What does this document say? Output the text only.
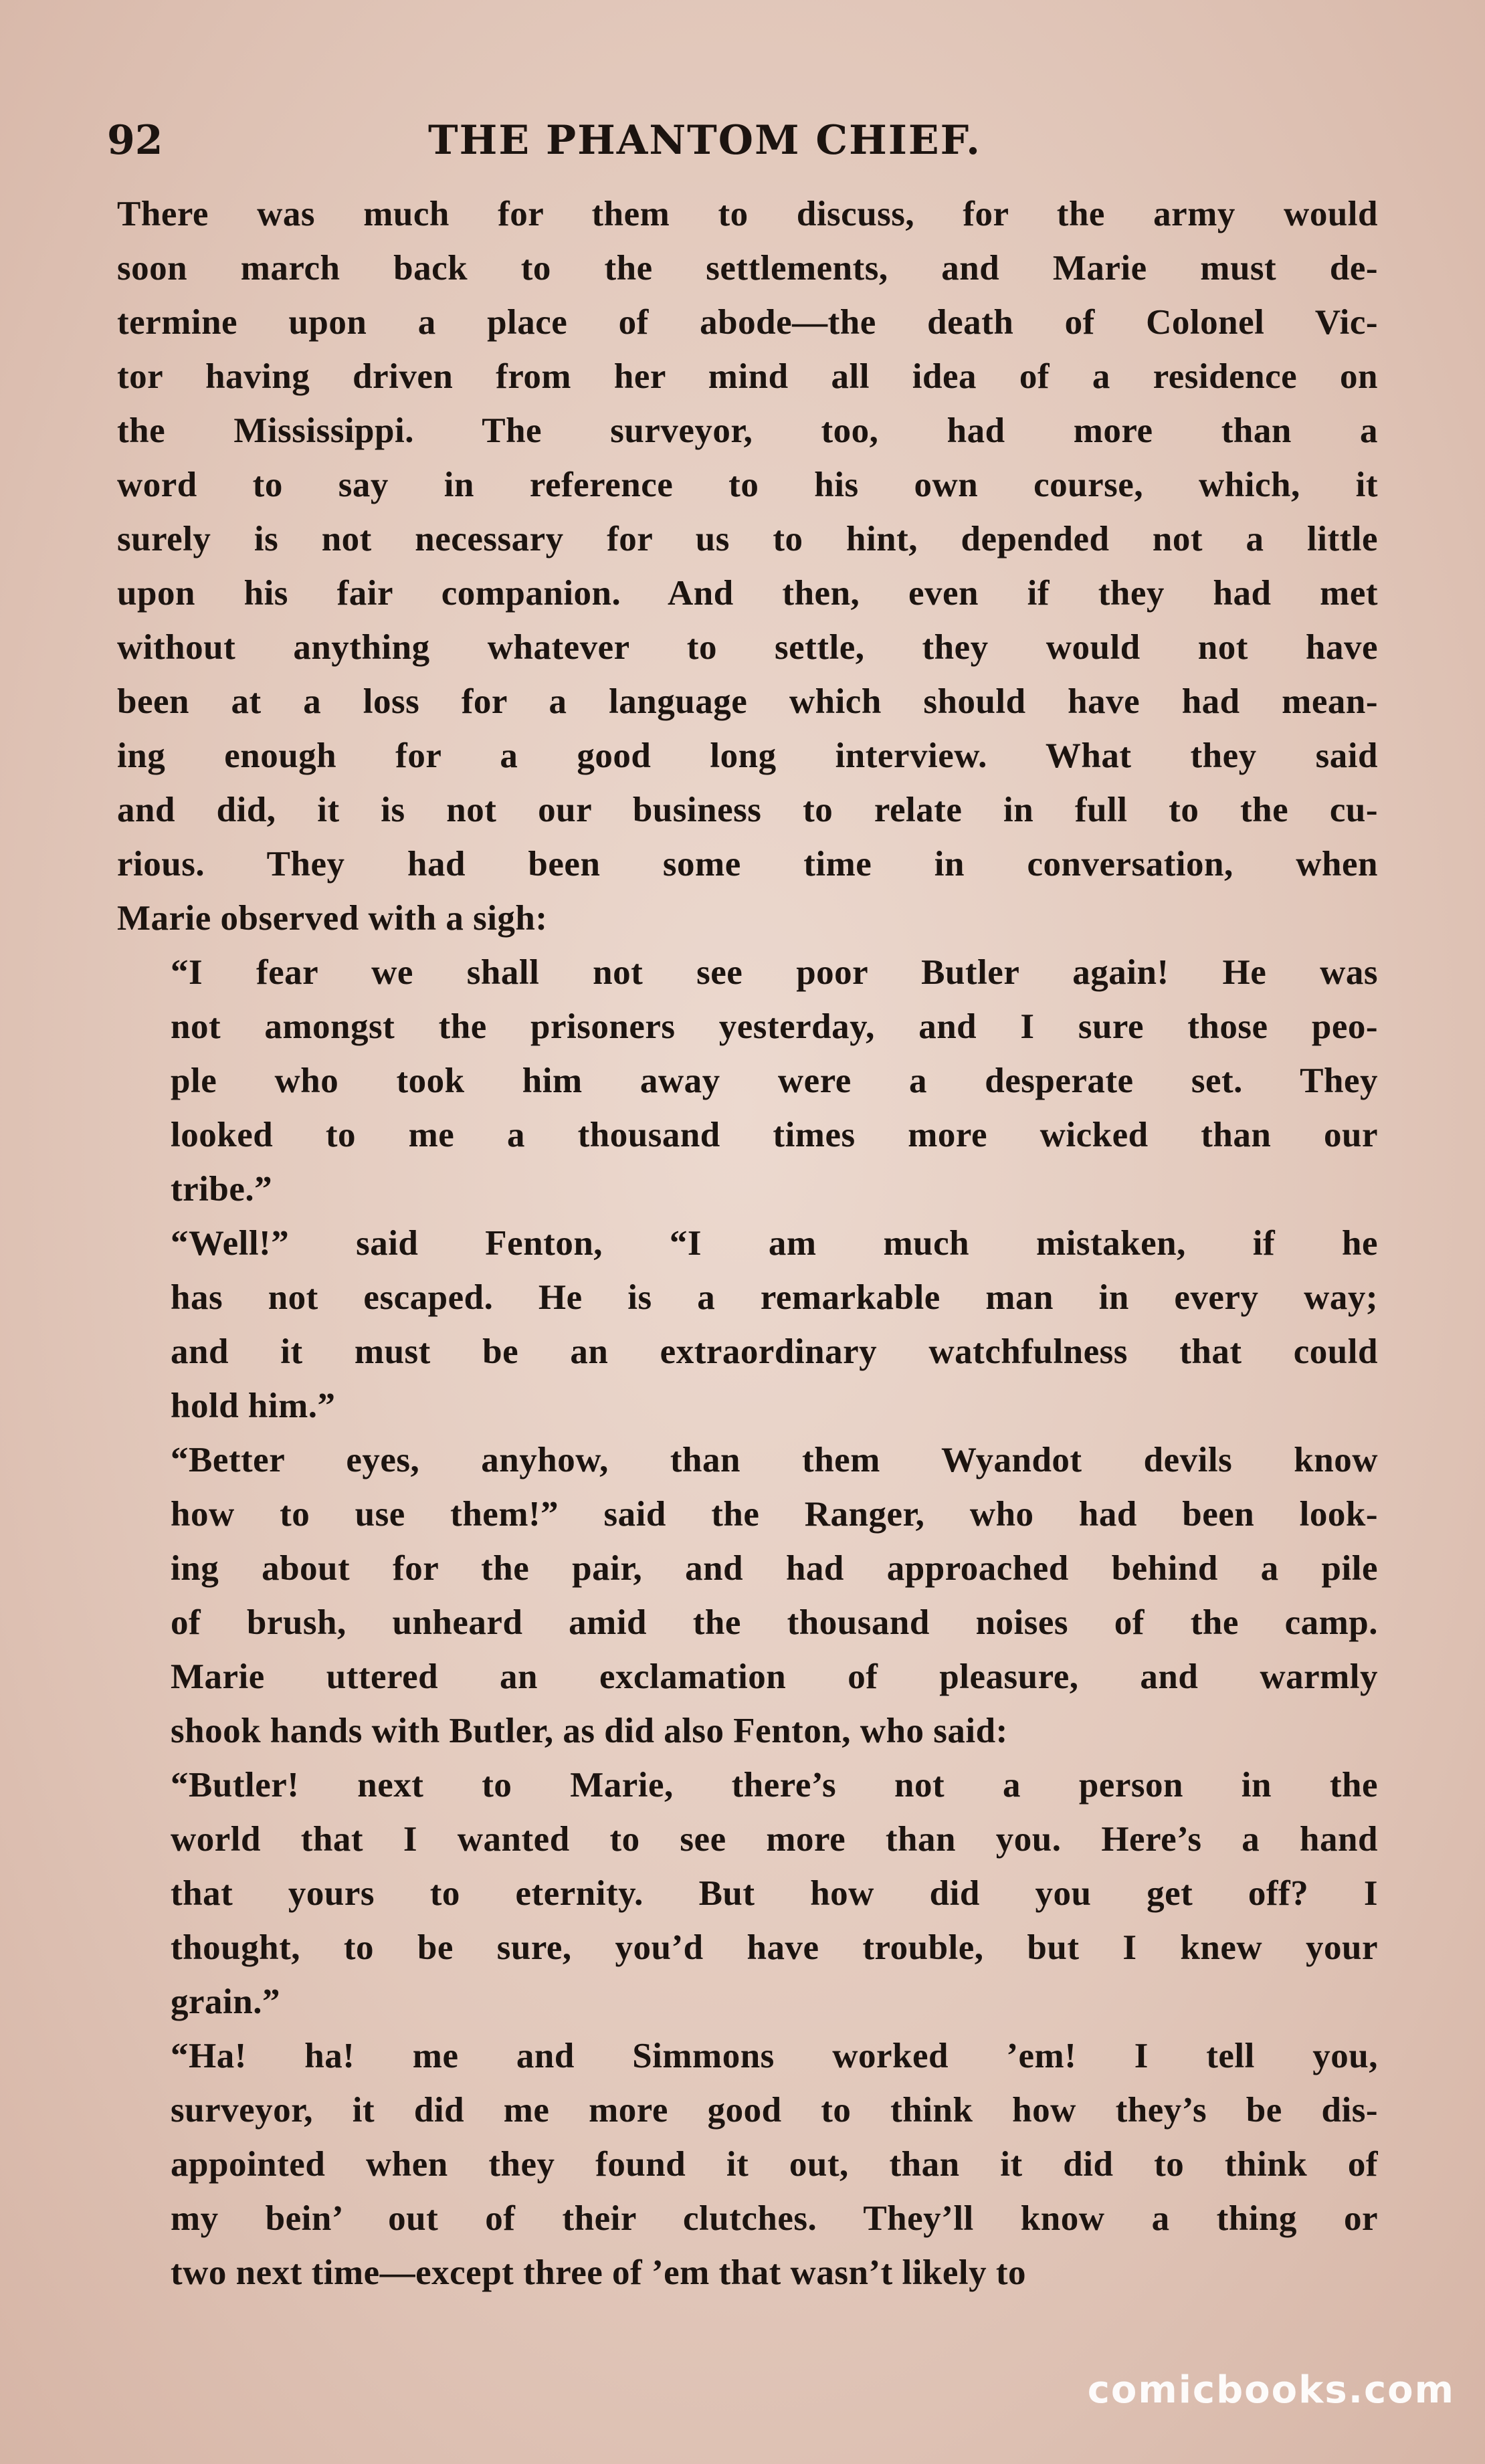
92	THE PHANTOM CHIEF.

There was much for them to discuss, for the army would
soon march back to the settlements, and Marie must de-
termine upon a place of abode—the death of Colonel Vic-
tor having driven from her mind all idea of a residence on
the Mississippi. The surveyor, too, had more than a
word to say in reference to his own course, which, it
surely is not necessary for us to hint, depended not a little
upon his fair companion. And then, even if they had met
without anything whatever to settle, they would not have
been at a loss for a language which should have had mean-
ing enough for a good long interview. What they said
and did, it is not our business to relate in full to the cu-
rious. They had been some time in conversation, when
Marie observed with a sigh:

“I fear we shall not see poor Butler again! He was
not amongst the prisoners yesterday, and I sure those peo-
ple who took him away were a desperate set. They
looked to me a thousand times more wicked than our
tribe.”

“Well!” said Fenton, “I am much mistaken, if he
has not escaped. He is a remarkable man in every way;
and it must be an extraordinary watchfulness that could
hold him.”

“Better eyes, anyhow, than them Wyandot devils know
how to use them!” said the Ranger, who had been look-
ing about for the pair, and had approached behind a pile
of brush, unheard amid the thousand noises of the camp.
Marie uttered an exclamation of pleasure, and warmly
shook hands with Butler, as did also Fenton, who said:

“Butler! next to Marie, there’s not a person in the
world that I wanted to see more than you. Here’s a hand
that yours to eternity. But how did you get off? I
thought, to be sure, you’d have trouble, but I knew your
grain.”

“Ha! ha! me and Simmons worked ’em! I tell you,
surveyor, it did me more good to think how they’s be dis-
appointed when they found it out, than it did to think of
my bein’ out of their clutches. They’ll know a thing or
two next time—except three of ’em that wasn’t likely to

comicbooks.com
